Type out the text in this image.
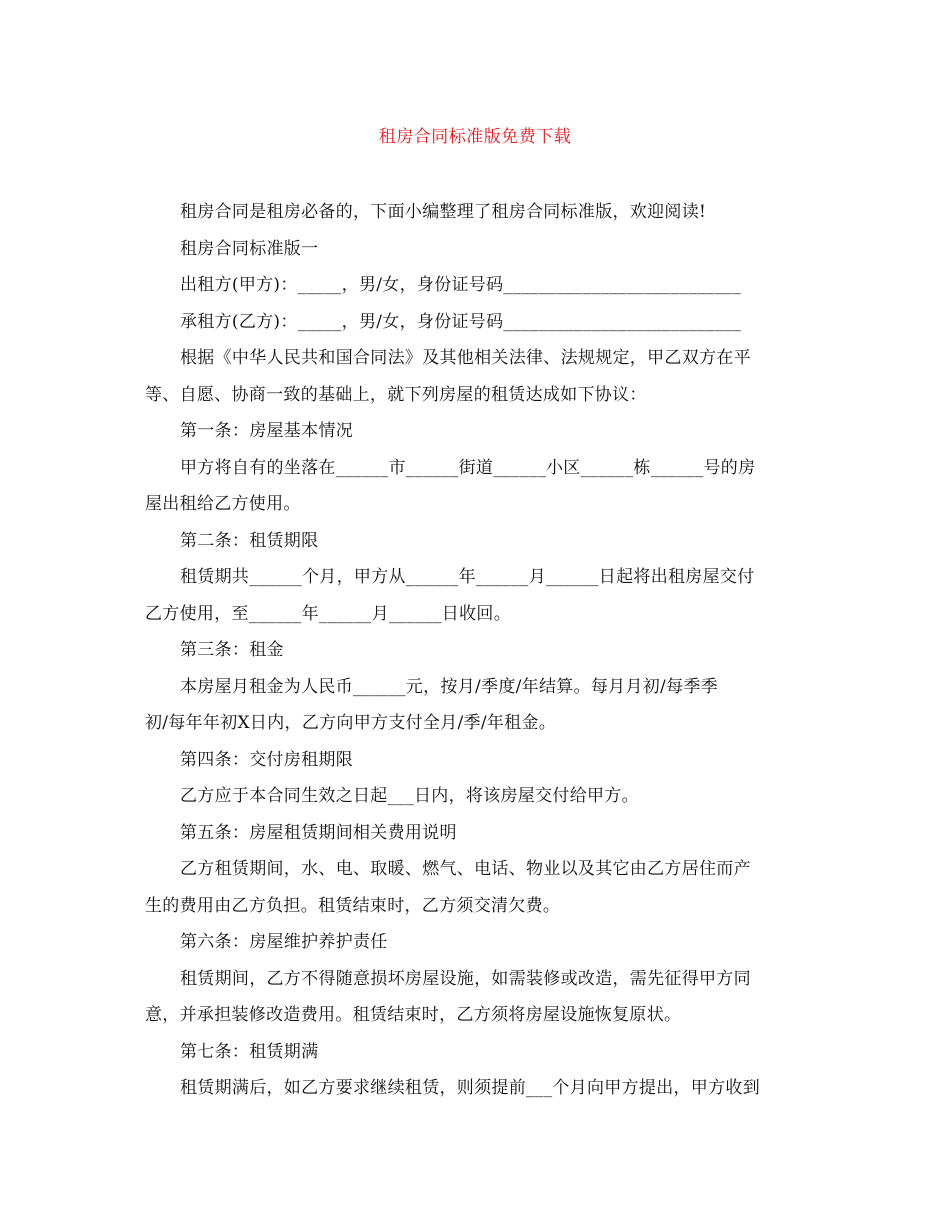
租房合同标准版免费下载
租房合同是租房必备的，下面小编整理了租房合同标准版，欢迎阅读!
租房合同标准版一
出租方(甲方)：_____，男/女，身份证号码___________________________
承租方(乙方)：_____，男/女，身份证号码___________________________
根据《中华人民共和国合同法》及其他相关法律、法规规定，甲乙双方在平
等、自愿、协商一致的基础上，就下列房屋的租赁达成如下协议：
第一条：房屋基本情况
甲方将自有的坐落在______市______街道______小区______栋______号的房
屋出租给乙方使用。
第二条：租赁期限
租赁期共______个月，甲方从______年______月______日起将出租房屋交付
乙方使用，至______年______月______日收回。
第三条：租金
本房屋月租金为人民币______元，按月/季度/年结算。每月月初/每季季
初/每年年初X日内，乙方向甲方支付全月/季/年租金。
第四条：交付房租期限
乙方应于本合同生效之日起___日内，将该房屋交付给甲方。
第五条：房屋租赁期间相关费用说明
乙方租赁期间，水、电、取暖、燃气、电话、物业以及其它由乙方居住而产
生的费用由乙方负担。租赁结束时，乙方须交清欠费。
第六条：房屋维护养护责任
租赁期间，乙方不得随意损坏房屋设施，如需装修或改造，需先征得甲方同
意，并承担装修改造费用。租赁结束时，乙方须将房屋设施恢复原状。
第七条：租赁期满
租赁期满后，如乙方要求继续租赁，则须提前___个月向甲方提出，甲方收到
